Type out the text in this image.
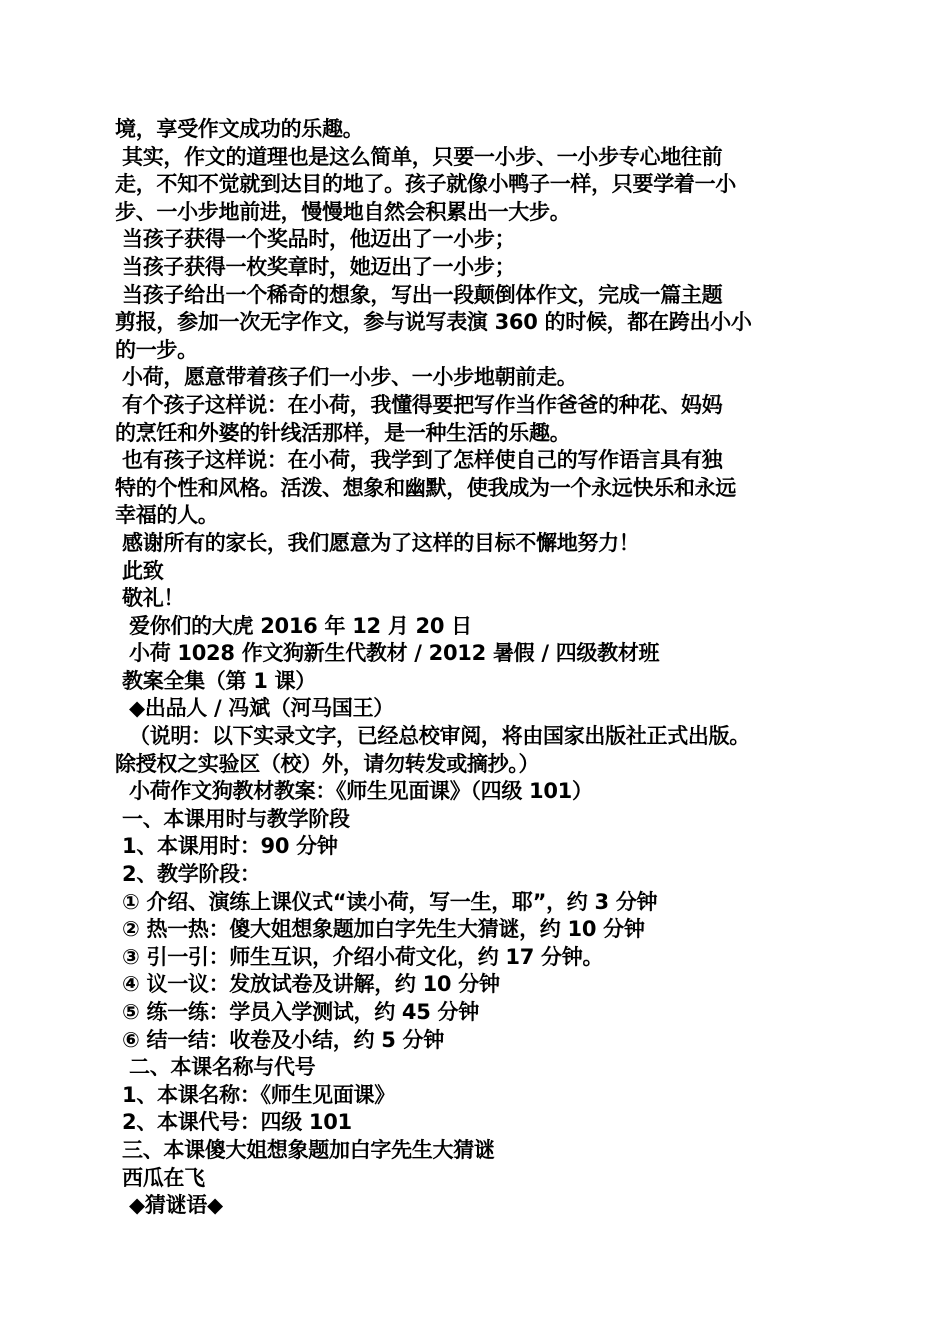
境，享受作文成功的乐趣。
其实，作文的道理也是这么简单，只要一小步、一小步专心地往前
走，不知不觉就到达目的地了。孩子就像小鸭子一样，只要学着一小
步、一小步地前进，慢慢地自然会积累出一大步。
当孩子获得一个奖品时，他迈出了一小步；
当孩子获得一枚奖章时，她迈出了一小步；
当孩子给出一个稀奇的想象，写出一段颠倒体作文，完成一篇主题
剪报，参加一次无字作文，参与说写表演 360 的时候，都在跨出小小
的一步。
小荷，愿意带着孩子们一小步、一小步地朝前走。
有个孩子这样说：在小荷，我懂得要把写作当作爸爸的种花、妈妈
的烹饪和外婆的针线活那样，是一种生活的乐趣。
也有孩子这样说：在小荷，我学到了怎样使自己的写作语言具有独
特的个性和风格。活泼、想象和幽默，使我成为一个永远快乐和永远
幸福的人。
感谢所有的家长，我们愿意为了这样的目标不懈地努力！
此致
敬礼！
爱你们的大虎 2016 年 12 月 20 日
小荷 1028 作文狗新生代教材 / 2012 暑假 / 四级教材班
教案全集（第 1 课）
◆出品人 / 冯斌（河马国王）
（说明：以下实录文字，已经总校审阅，将由国家出版社正式出版。
除授权之实验区（校）外，请勿转发或摘抄。）
小荷作文狗教材教案：《师生见面课》（四级 101）
一、本课用时与教学阶段
1、本课用时：90 分钟
2、教学阶段：
① 介绍、演练上课仪式“读小荷，写一生，耶”，约 3 分钟
② 热一热：傻大姐想象题加白字先生大猜谜，约 10 分钟
③ 引一引：师生互识，介绍小荷文化，约 17 分钟。
④ 议一议：发放试卷及讲解，约 10 分钟
⑤ 练一练：学员入学测试，约 45 分钟
⑥ 结一结：收卷及小结，约 5 分钟
二、本课名称与代号
1、本课名称：《师生见面课》
2、本课代号：四级 101
三、本课傻大姐想象题加白字先生大猜谜
西瓜在飞
◆猜谜语◆
